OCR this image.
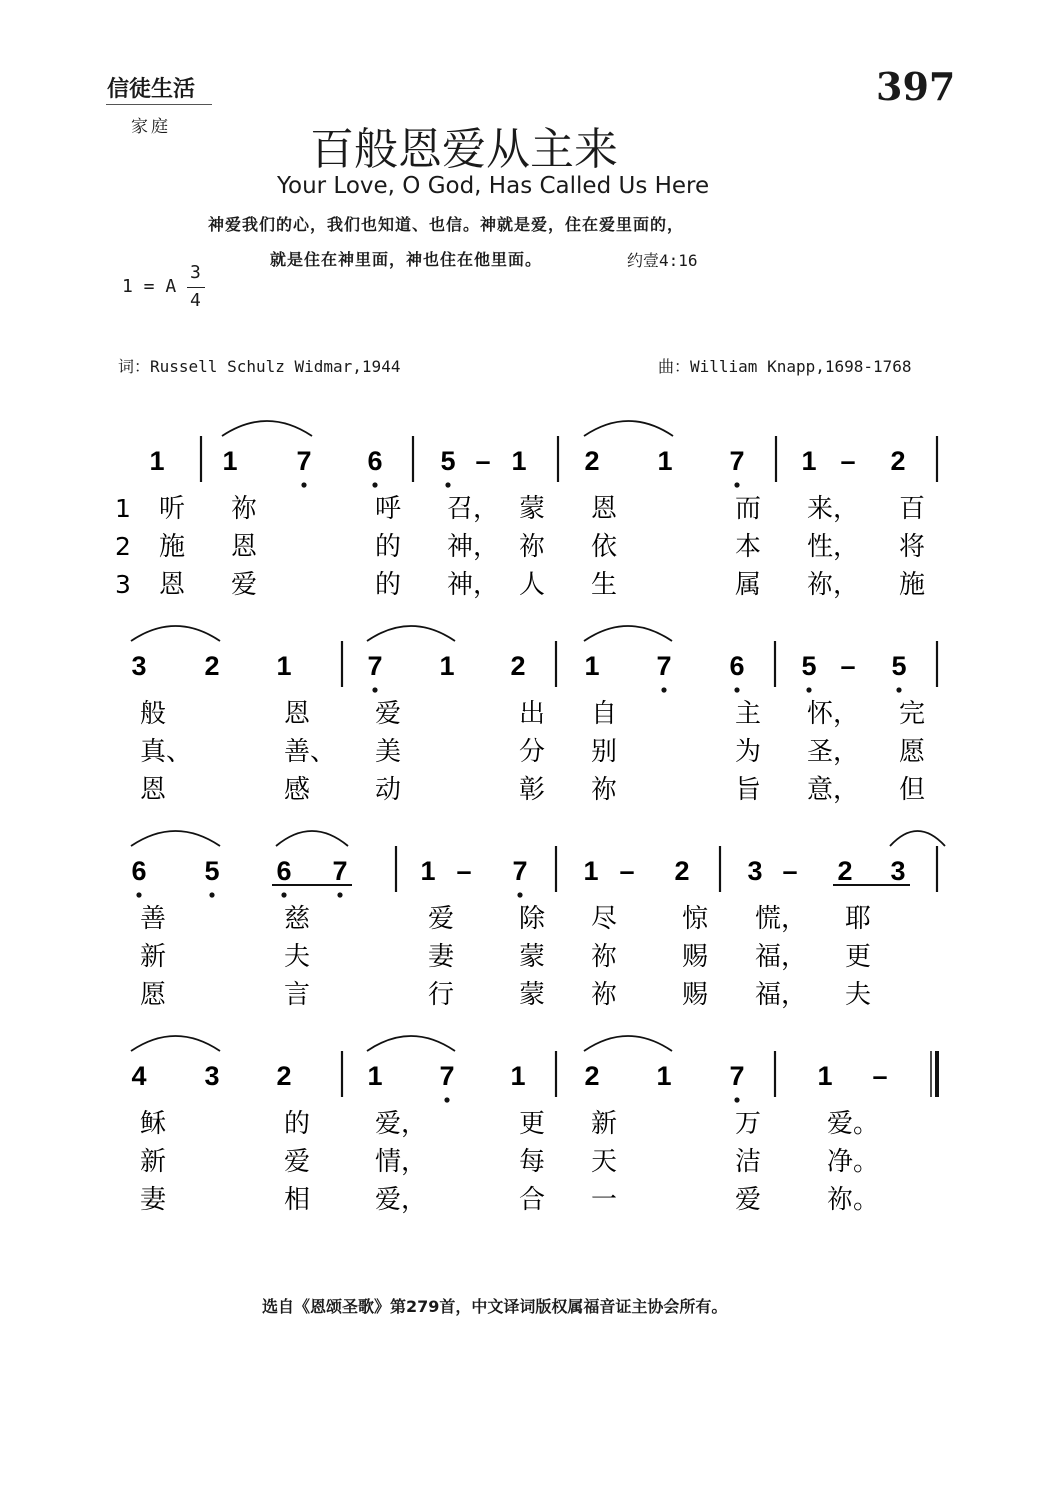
信徒生活
家庭
397
百般恩爱从主来
Your Love, O God, Has Called Us Here
神爱我们的心，我们也知道、也信。神就是爱，住在爱里面的，
就是住在神里面，神也住在他里面。	约壹4:16
1 = A
3
4
词：Russell Schulz Widmar,1944	曲：William Knapp,1698-1768
1 1 7 6 5 – 1 2 1 7 1 – 2
1 听 祢	呼 召， 蒙 恩	而 来， 百
2 施 恩	的 神， 祢 依	本 性， 将
3 恩 爱	的 神， 人 生	属 祢， 施
3 2 1	7 1 2 1 7 6 5 – 5
般	恩 爱	出 自	主 怀， 完
真、	善、 美	分 别	为 圣， 愿
恩	感 动	彰 祢	旨 意， 但
6 5 6 7	1 – 7 1 – 2 3 – 2 3
善	慈	爱 除 尽 惊 慌， 耶
新	夫	妻 蒙 祢 赐 福， 更
愿	言	行 蒙 祢 赐 福， 夫
4 3 2	1 7 1 2 1 7	1 –
稣	的 爱，	更 新	万	爱。
新	爱 情，	每 天	洁	净。
妻	相 爱，	合 一	爱	祢。
选自《恩颂圣歌》第279首，中文译词版权属福音证主协会所有。
